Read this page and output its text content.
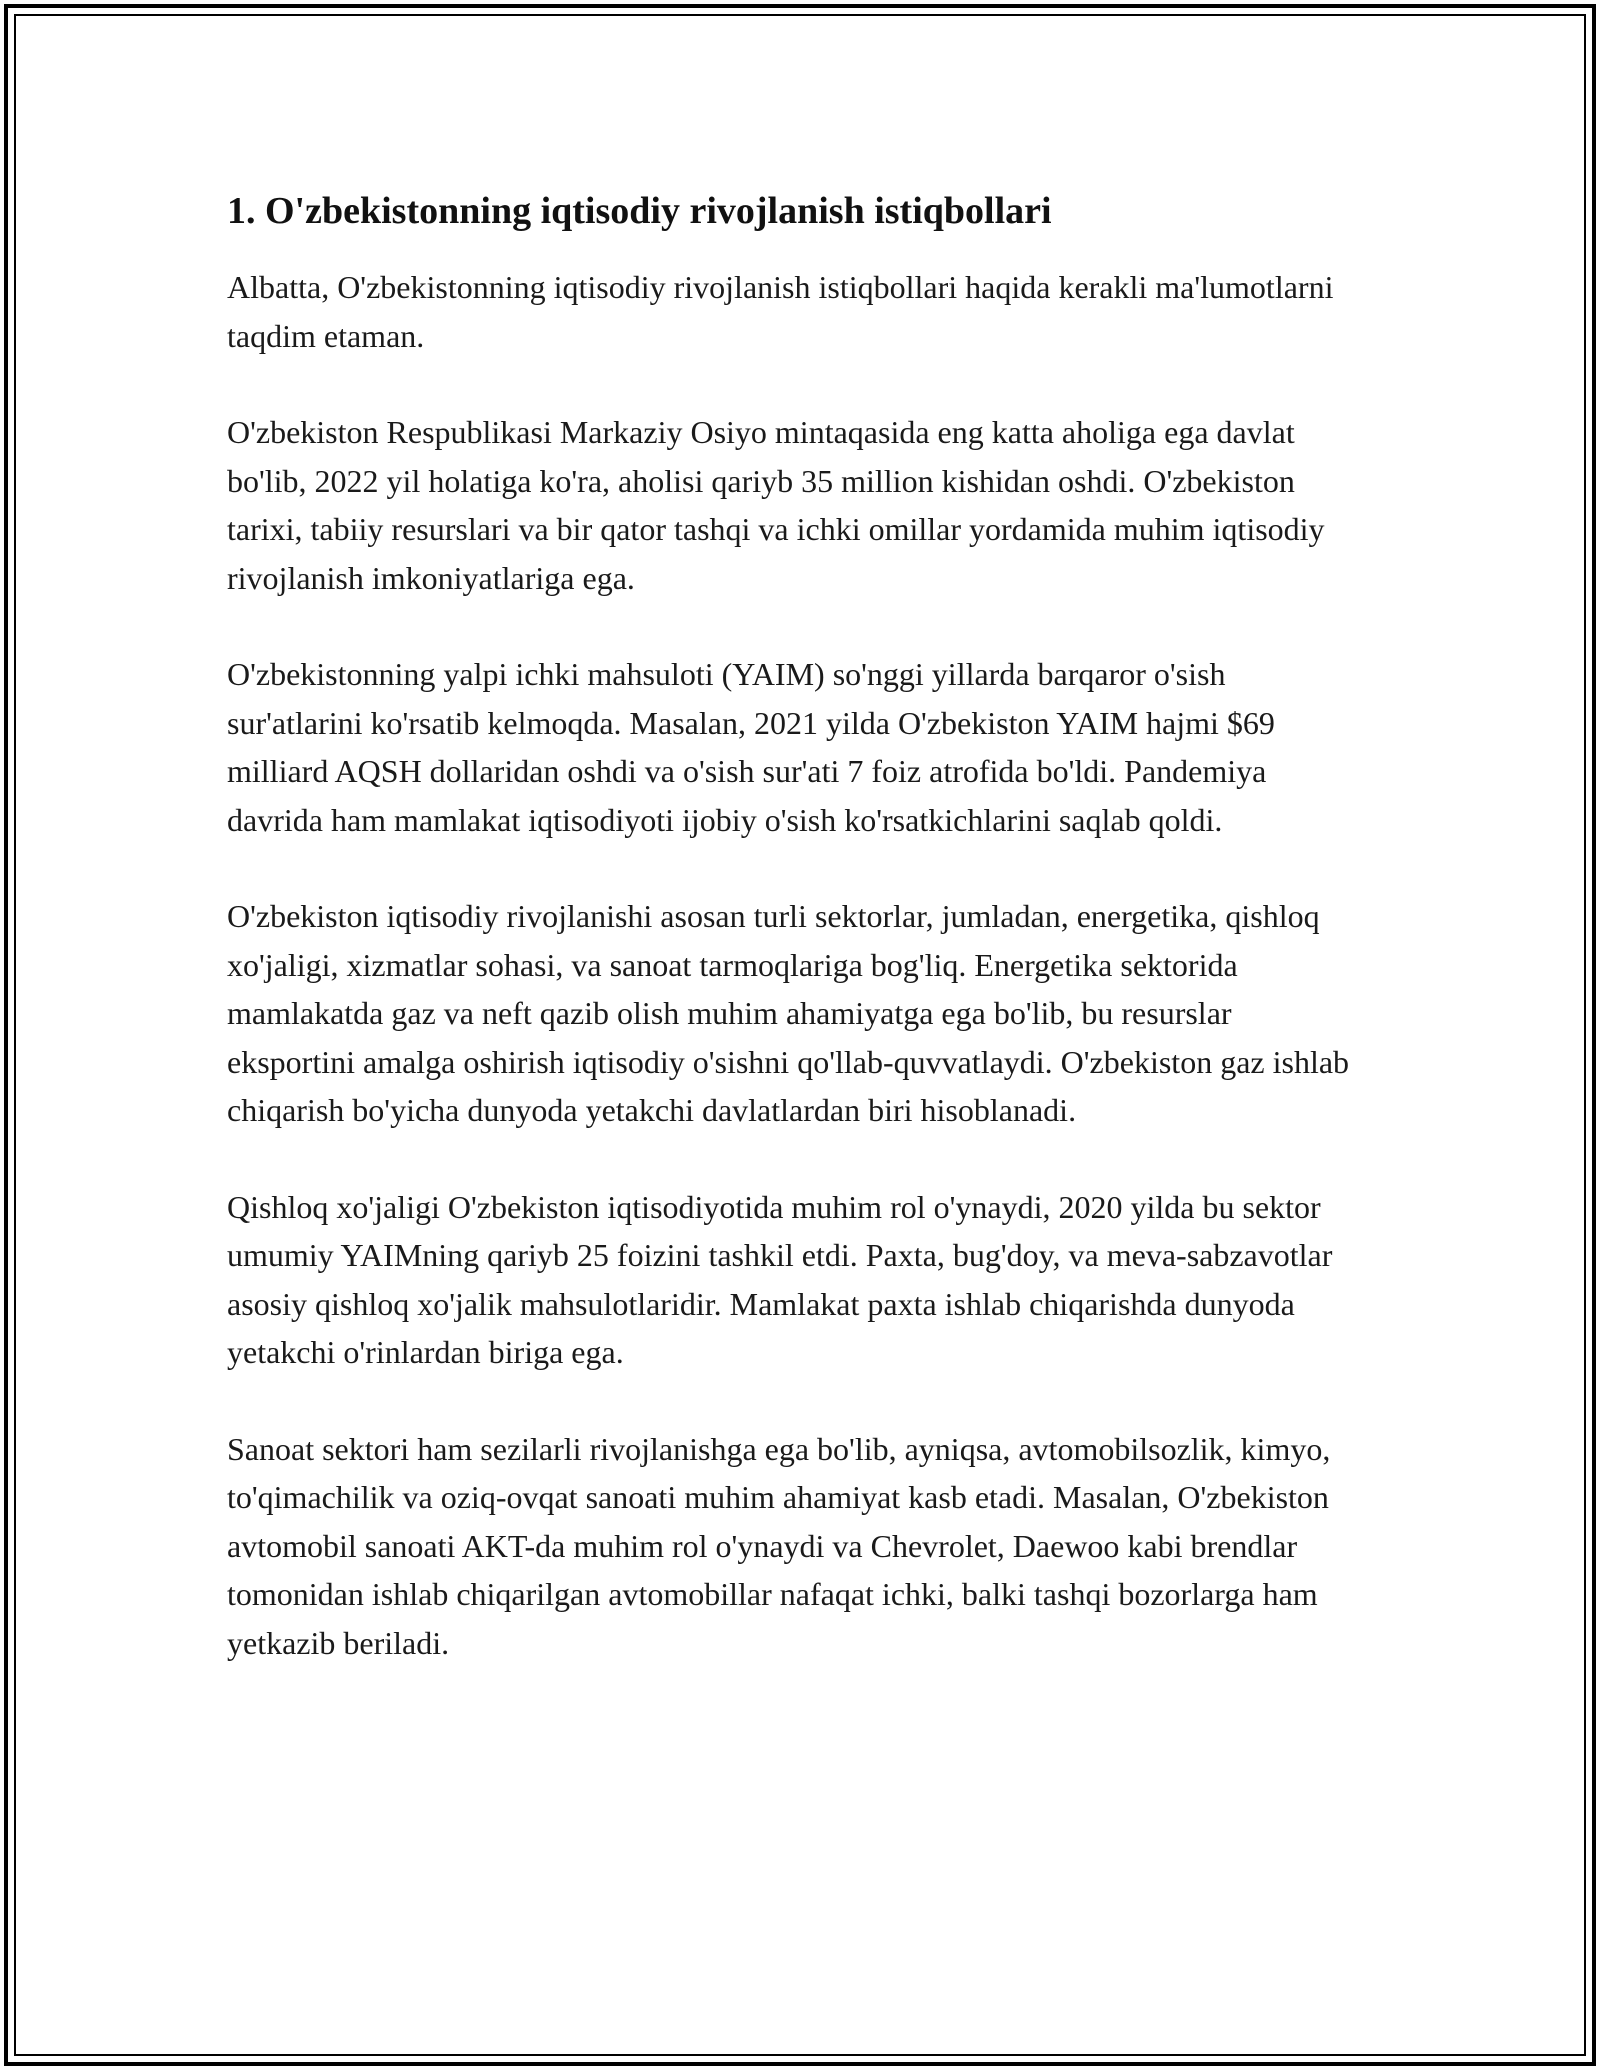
1. O'zbekistonning iqtisodiy rivojlanish istiqbollari

Albatta, O'zbekistonning iqtisodiy rivojlanish istiqbollari haqida kerakli ma'lumotlarni taqdim etaman.

O'zbekiston Respublikasi Markaziy Osiyo mintaqasida eng katta aholiga ega davlat bo'lib, 2022 yil holatiga ko'ra, aholisi qariyb 35 million kishidan oshdi. O'zbekiston tarixi, tabiiy resurslari va bir qator tashqi va ichki omillar yordamida muhim iqtisodiy rivojlanish imkoniyatlariga ega.

O'zbekistonning yalpi ichki mahsuloti (YAIM) so'nggi yillarda barqaror o'sish sur'atlarini ko'rsatib kelmoqda. Masalan, 2021 yilda O'zbekiston YAIM hajmi $69 milliard AQSH dollaridan oshdi va o'sish sur'ati 7 foiz atrofida bo'ldi. Pandemiya davrida ham mamlakat iqtisodiyoti ijobiy o'sish ko'rsatkichlarini saqlab qoldi.

O'zbekiston iqtisodiy rivojlanishi asosan turli sektorlar, jumladan, energetika, qishloq xo'jaligi, xizmatlar sohasi, va sanoat tarmoqlariga bog'liq. Energetika sektorida mamlakatda gaz va neft qazib olish muhim ahamiyatga ega bo'lib, bu resurslar eksportini amalga oshirish iqtisodiy o'sishni qo'llab-quvvatlaydi. O'zbekiston gaz ishlab chiqarish bo'yicha dunyoda yetakchi davlatlardan biri hisoblanadi.

Qishloq xo'jaligi O'zbekiston iqtisodiyotida muhim rol o'ynaydi, 2020 yilda bu sektor umumiy YAIMning qariyb 25 foizini tashkil etdi. Paxta, bug'doy, va meva-sabzavotlar asosiy qishloq xo'jalik mahsulotlaridir. Mamlakat paxta ishlab chiqarishda dunyoda yetakchi o'rinlardan biriga ega.

Sanoat sektori ham sezilarli rivojlanishga ega bo'lib, ayniqsa, avtomobilsozlik, kimyo, to'qimachilik va oziq-ovqat sanoati muhim ahamiyat kasb etadi. Masalan, O'zbekiston avtomobil sanoati AKT-da muhim rol o'ynaydi va Chevrolet, Daewoo kabi brendlar tomonidan ishlab chiqarilgan avtomobillar nafaqat ichki, balki tashqi bozorlarga ham yetkazib beriladi.
